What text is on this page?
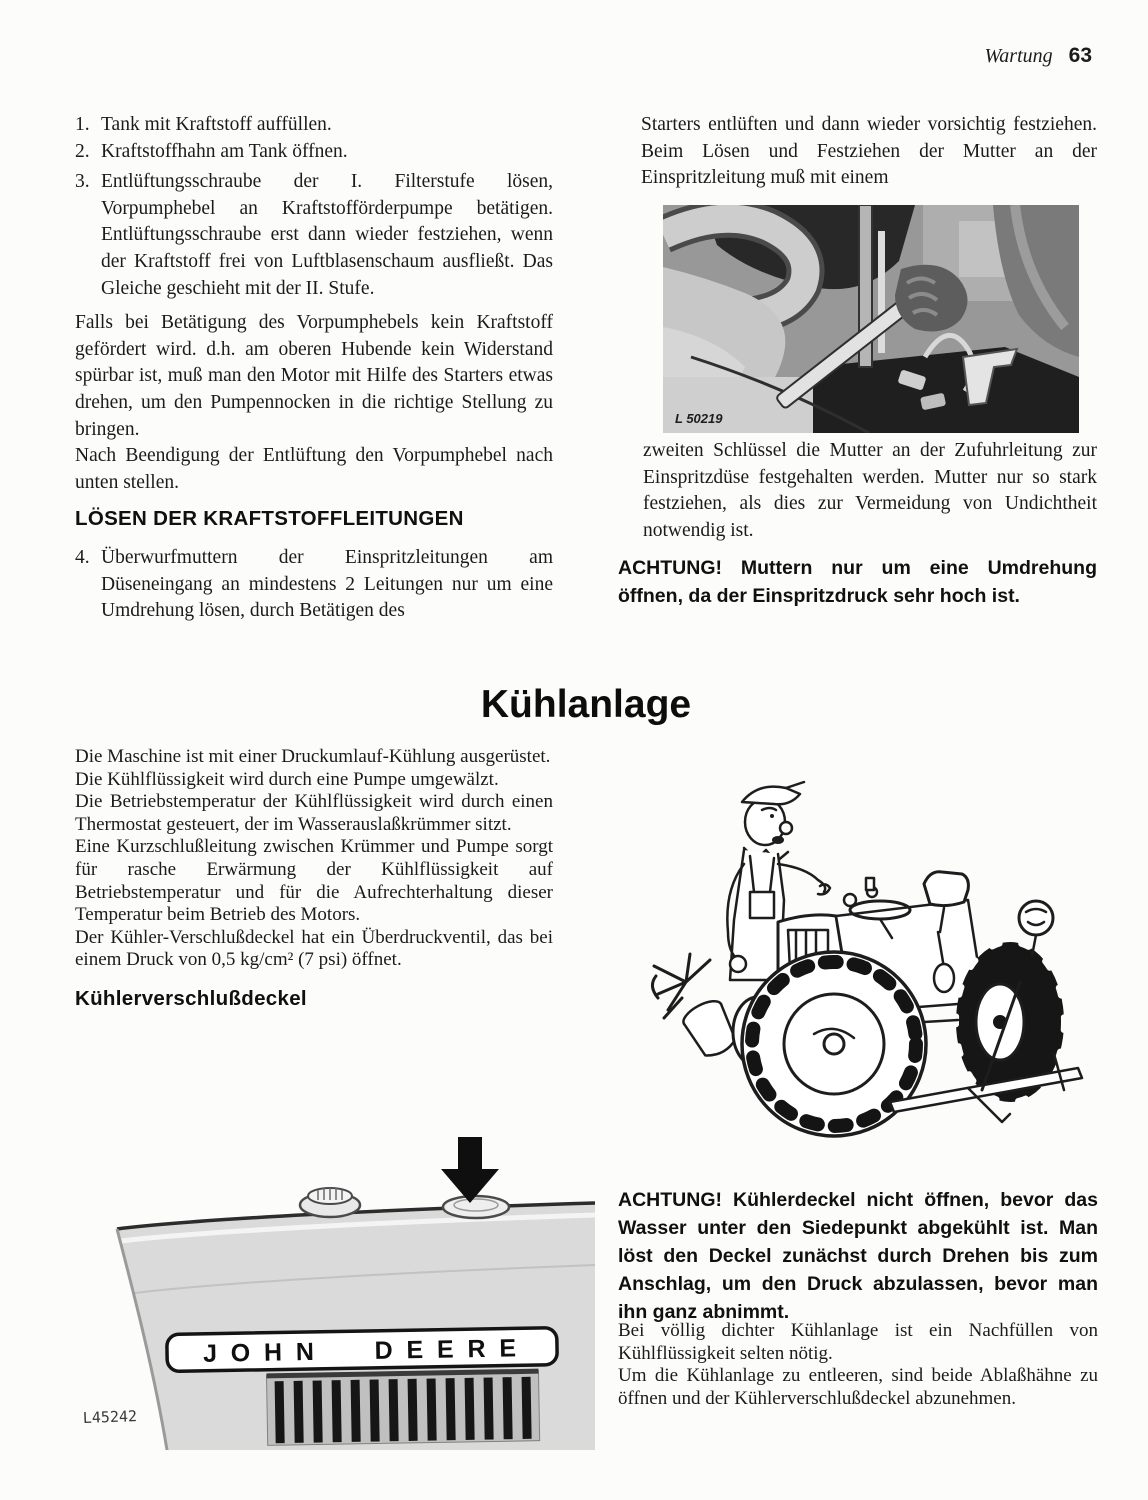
Wartung 63
1. Tank mit Kraftstoff auffüllen.
2. Kraftstoffhahn am Tank öffnen.
3. Entlüftungsschraube der I. Filterstufe lösen, Vorpumphebel an Kraftstofförderpumpe betätigen. Entlüftungsschraube erst dann wieder festziehen, wenn der Kraftstoff frei von Luftblasenschaum ausfließt. Das Gleiche geschieht mit der II. Stufe.

Falls bei Betätigung des Vorpumphebels kein Kraftstoff gefördert wird. d.h. am oberen Hubende kein Widerstand spürbar ist, muß man den Motor mit Hilfe des Starters etwas drehen, um den Pumpennocken in die richtige Stellung zu bringen.

Nach Beendigung der Entlüftung den Vorpumphebel nach unten stellen.

LÖSEN DER KRAFTSTOFFLEITUNGEN
4. Überwurfmuttern der Einspritzleitungen am Düseneingang an mindestens 2 Leitungen nur um eine Umdrehung lösen, durch Betätigen des

Starters entlüften und dann wieder vorsichtig festziehen. Beim Lösen und Festziehen der Mutter an der Einspritzleitung muß mit einem

L 50219

zweiten Schlüssel die Mutter an der Zufuhrleitung zur Einspritzdüse festgehalten werden. Mutter nur so stark festziehen, als dies zur Vermeidung von Undichtheit notwendig ist.

ACHTUNG! Muttern nur um eine Umdrehung öffnen, da der Einspritzdruck sehr hoch ist.
Kühlanlage

Die Maschine ist mit einer Druckumlauf-Kühlung ausgerüstet.

Die Kühlflüssigkeit wird durch eine Pumpe umgewälzt.

Die Betriebstemperatur der Kühlflüssigkeit wird durch einen Thermostat gesteuert, der im Wasserauslaßkrümmer sitzt.

Eine Kurzschlußleitung zwischen Krümmer und Pumpe sorgt für rasche Erwärmung der Kühlflüssigkeit auf Betriebstemperatur und für die Aufrechterhaltung dieser Temperatur beim Betrieb des Motors.

Der Kühler-Verschlußdeckel hat ein Überdruckventil, das bei einem Druck von 0,5 kg/cm² (7 psi) öffnet.

Kühlerverschlußdeckel
JOHN DEERE
L45242
ACHTUNG! Kühlerdeckel nicht öffnen, bevor das Wasser unter den Siedepunkt abgekühlt ist. Man löst den Deckel zunächst durch Drehen bis zum Anschlag, um den Druck abzulassen, bevor man ihn ganz abnimmt.

Bei völlig dichter Kühlanlage ist ein Nachfüllen von Kühlflüssigkeit selten nötig.

Um die Kühlanlage zu entleeren, sind beide Ablaßhähne zu öffnen und der Kühlerverschlußdeckel abzunehmen.
